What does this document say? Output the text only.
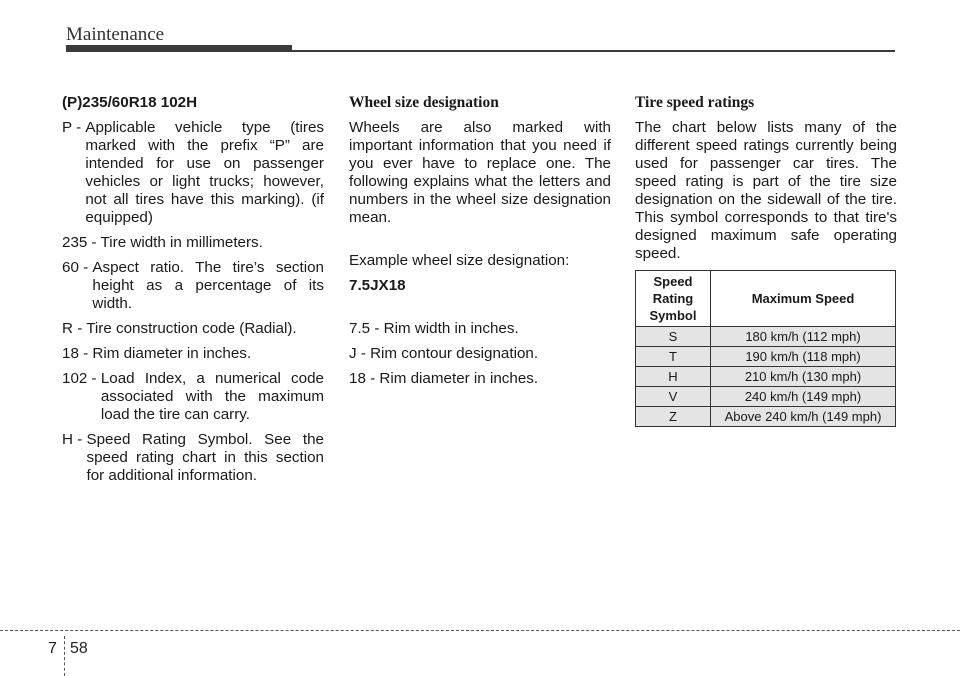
Maintenance

(P)235/60R18 102H

P - Applicable vehicle type (tires marked with the prefix “P” are intended for use on passenger vehicles or light trucks; however, not all tires have this marking). (if equipped)
235 - Tire width in millimeters.
60 - Aspect ratio. The tire’s section height as a percentage of its width.
R - Tire construction code (Radial).
18 - Rim diameter in inches.
102 - Load Index, a numerical code associated with the maximum load the tire can carry.
H - Speed Rating Symbol. See the speed rating chart in this section for additional information.

Wheel size designation

Wheels are also marked with important information that you need if you ever have to replace one. The following explains what the letters and numbers in the wheel size designation mean.

Example wheel size designation:

7.5JX18

7.5 - Rim width in inches.

J - Rim contour designation.

18 - Rim diameter in inches.

Tire speed ratings

The chart below lists many of the different speed ratings currently being used for passenger car tires. The speed rating is part of the tire size designation on the sidewall of the tire. This symbol corresponds to that tire's designed maximum safe operating speed.

Speed Rating Symbol	Maximum Speed
S	180 km/h (112 mph)
T	190 km/h (118 mph)
H	210 km/h (130 mph)
V	240 km/h (149 mph)
Z	Above 240 km/h (149 mph)
7 58
